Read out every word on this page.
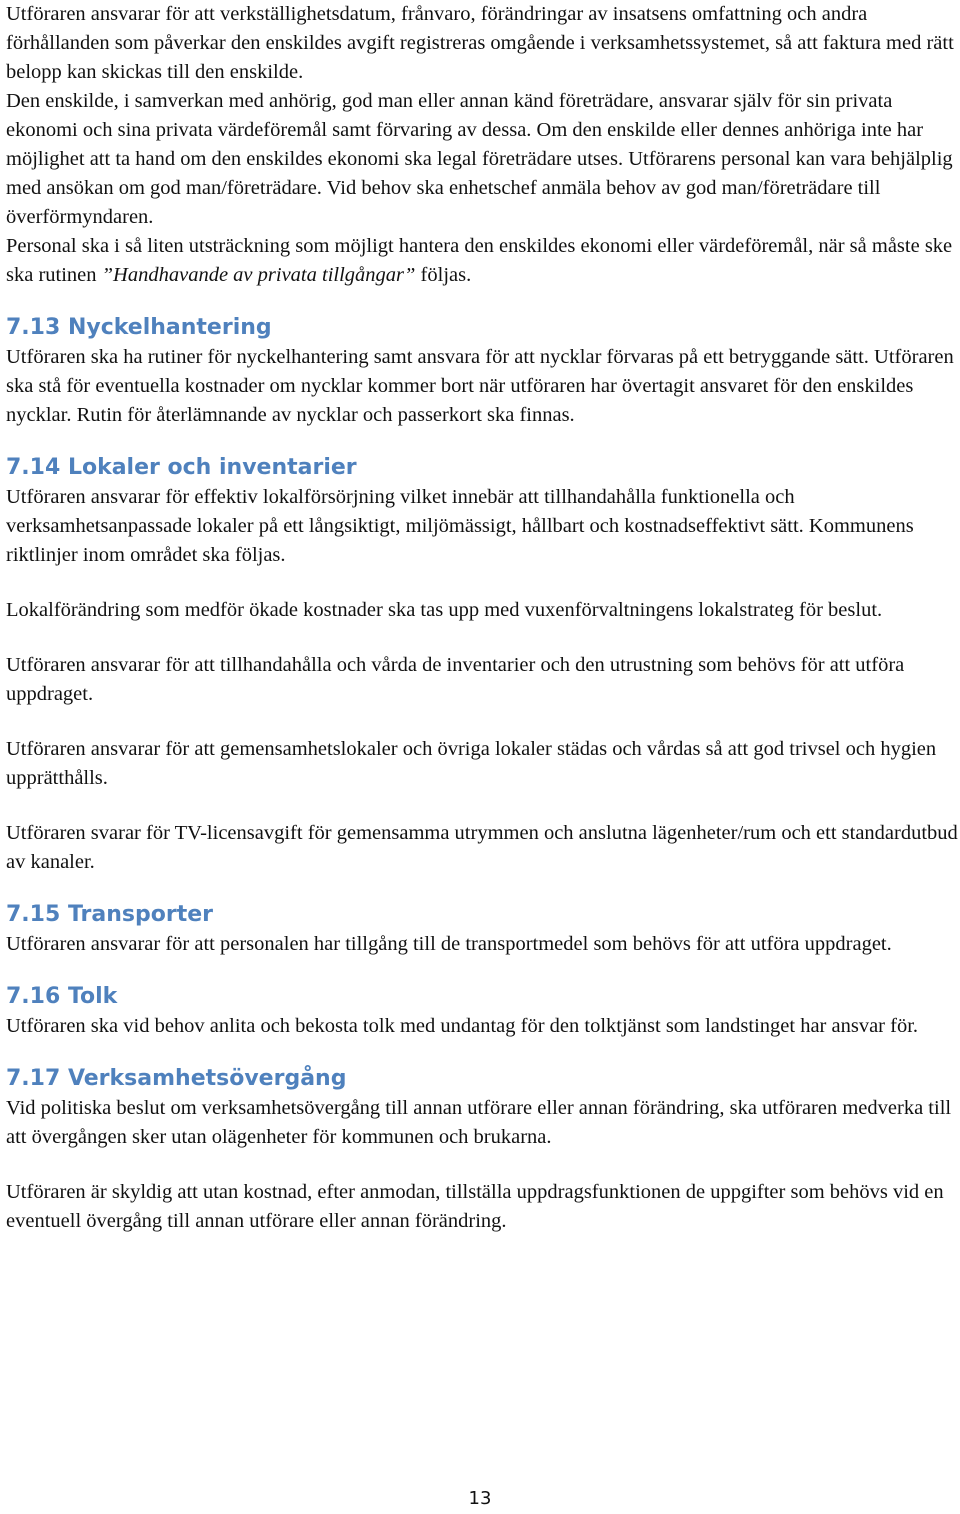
Utföraren ansvarar för att verkställighetsdatum, frånvaro, förändringar av insatsens omfattning och andra förhållanden som påverkar den enskildes avgift registreras omgående i verksamhetssystemet, så att faktura med rätt belopp kan skickas till den enskilde.

Den enskilde, i samverkan med anhörig, god man eller annan känd företrädare, ansvarar själv för sin privata ekonomi och sina privata värdeföremål samt förvaring av dessa. Om den enskilde eller dennes anhöriga inte har möjlighet att ta hand om den enskildes ekonomi ska legal företrädare utses. Utförarens personal kan vara behjälplig med ansökan om god man/företrädare. Vid behov ska enhetschef anmäla behov av god man/företrädare till överförmyndaren.

Personal ska i så liten utsträckning som möjligt hantera den enskildes ekonomi eller värdeföremål, när så måste ske ska rutinen ”Handhavande av privata tillgångar” följas.

7.13 Nyckelhantering

Utföraren ska ha rutiner för nyckelhantering samt ansvara för att nycklar förvaras på ett betryggande sätt. Utföraren ska stå för eventuella kostnader om nycklar kommer bort när utföraren har övertagit ansvaret för den enskildes nycklar. Rutin för återlämnande av nycklar och passerkort ska finnas.

7.14 Lokaler och inventarier

Utföraren ansvarar för effektiv lokalförsörjning vilket innebär att tillhandahålla funktionella och verksamhetsanpassade lokaler på ett långsiktigt, miljömässigt, hållbart och kostnadseffektivt sätt. Kommunens riktlinjer inom området ska följas.

Lokalförändring som medför ökade kostnader ska tas upp med vuxenförvaltningens lokalstrateg för beslut.

Utföraren ansvarar för att tillhandahålla och vårda de inventarier och den utrustning som behövs för att utföra uppdraget.

Utföraren ansvarar för att gemensamhetslokaler och övriga lokaler städas och vårdas så att god trivsel och hygien upprätthålls.

Utföraren svarar för TV-licensavgift för gemensamma utrymmen och anslutna lägenheter/rum och ett standardutbud av kanaler.

7.15 Transporter

Utföraren ansvarar för att personalen har tillgång till de transportmedel som behövs för att utföra uppdraget.

7.16 Tolk

Utföraren ska vid behov anlita och bekosta tolk med undantag för den tolktjänst som landstinget har ansvar för.

7.17 Verksamhetsövergång

Vid politiska beslut om verksamhetsövergång till annan utförare eller annan förändring, ska utföraren medverka till att övergången sker utan olägenheter för kommunen och brukarna.

Utföraren är skyldig att utan kostnad, efter anmodan, tillställa uppdragsfunktionen de uppgifter som behövs vid en eventuell övergång till annan utförare eller annan förändring.

13
